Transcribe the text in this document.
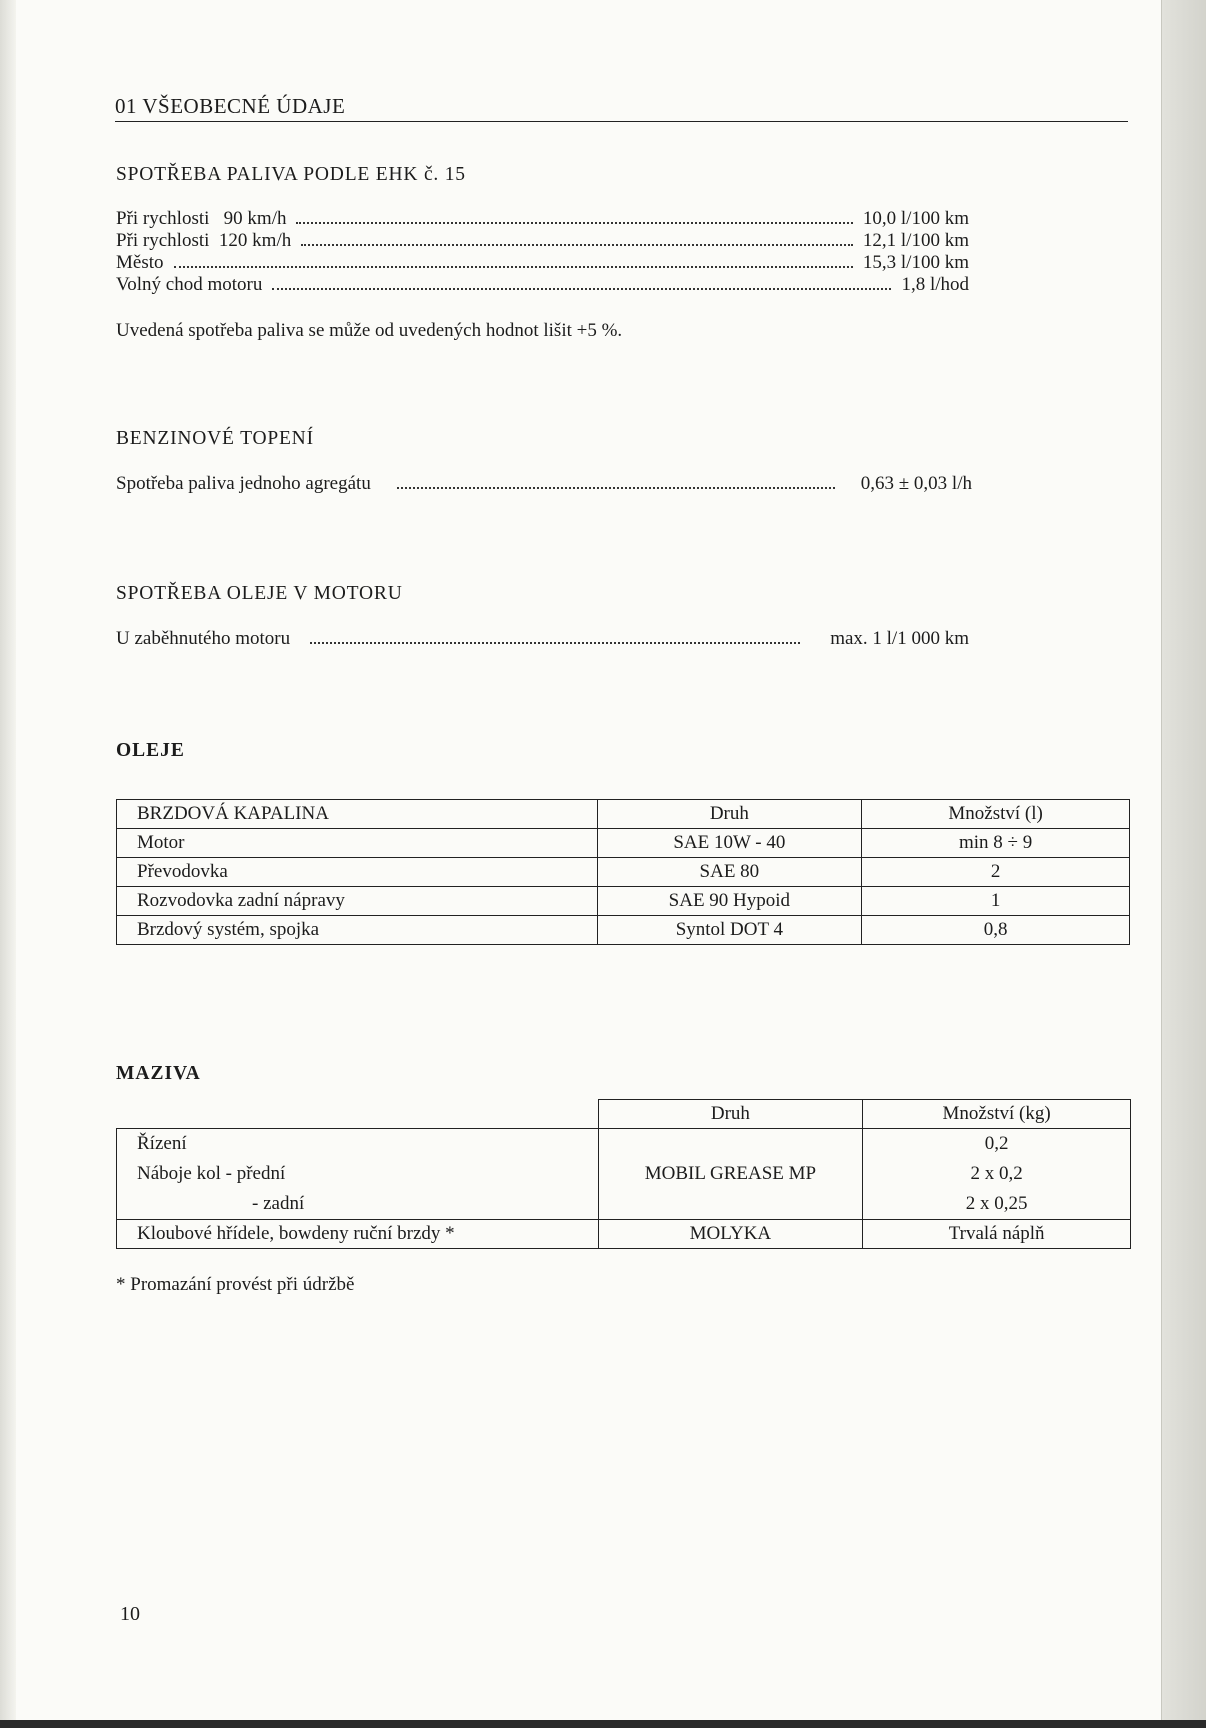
01 VŠEOBECNÉ ÚDAJE
SPOTŘEBA PALIVA PODLE EHK č. 15
Při rychlosti   90 km/h	10,0 l/100 km
Při rychlosti  120 km/h	12,1 l/100 km
Město	15,3 l/100 km
Volný chod motoru	1,8 l/hod
Uvedená spotřeba paliva se může od uvedených hodnot lišit +5 %.
BENZINOVÉ TOPENÍ
Spotřeba paliva jednoho agregátu	0,63 ± 0,03 l/h
SPOTŘEBA OLEJE V MOTORU
U zaběhnutého motoru	max. 1 l/1 000 km
OLEJE
BRZDOVÁ KAPALINA	Druh	Množství (l)
Motor	SAE 10W - 40	min 8 ÷ 9
Převodovka	SAE 80	2
Rozvodovka zadní nápravy	SAE 90 Hypoid	1
Brzdový systém, spojka	Syntol DOT 4	0,8
MAZIVA
	Druh	Množství (kg)
Řízení	MOBIL GREASE MP	0,2
Náboje kol - přední		2 x 0,2
- zadní		2 x 0,25
Kloubové hřídele, bowdeny ruční brzdy *	MOLYKA	Trvalá náplň
* Promazání provést při údržbě
10
